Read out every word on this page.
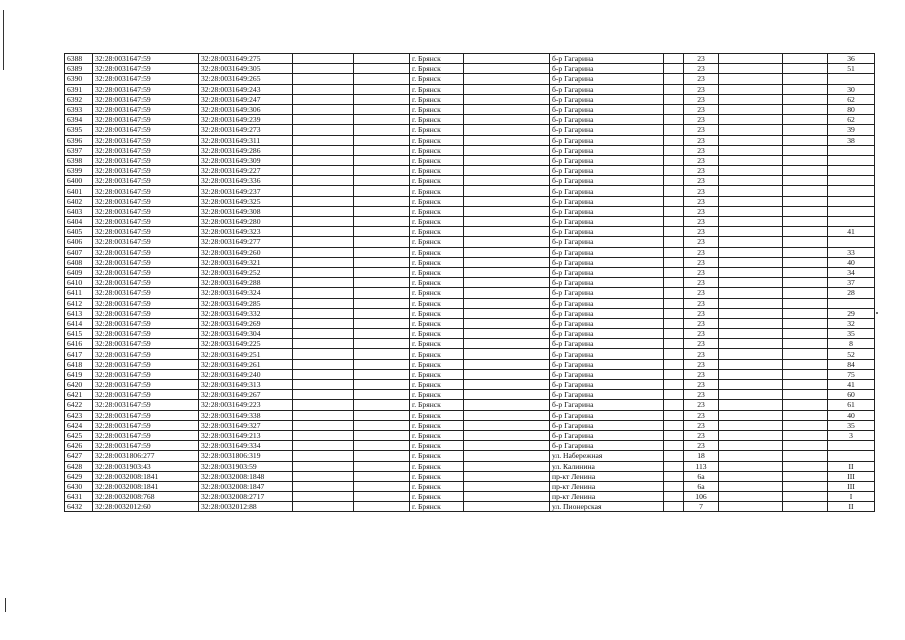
6388	32:28:0031647:59	32:28:0031649:275			г. Брянск		б-р Гагарина		23			36
6389	32:28:0031647:59	32:28:0031649:305			г. Брянск		б-р Гагарина		23			51
6390	32:28:0031647:59	32:28:0031649:265			г. Брянск		б-р Гагарина		23			
6391	32:28:0031647:59	32:28:0031649:243			г. Брянск		б-р Гагарина		23			30
6392	32:28:0031647:59	32:28:0031649:247			г. Брянск		б-р Гагарина		23			62
6393	32:28:0031647:59	32:28:0031649:306			г. Брянск		б-р Гагарина		23			80
6394	32:28:0031647:59	32:28:0031649:239			г. Брянск		б-р Гагарина		23			62
6395	32:28:0031647:59	32:28:0031649:273			г. Брянск		б-р Гагарина		23			39
6396	32:28:0031647:59	32:28:0031649:311			г. Брянск		б-р Гагарина		23			38
6397	32:28:0031647:59	32:28:0031649:286			г. Брянск		б-р Гагарина		23			
6398	32:28:0031647:59	32:28:0031649:309			г. Брянск		б-р Гагарина		23			
6399	32:28:0031647:59	32:28:0031649:227			г. Брянск		б-р Гагарина		23			
6400	32:28:0031647:59	32:28:0031649:336			г. Брянск		б-р Гагарина		23			
6401	32:28:0031647:59	32:28:0031649:237			г. Брянск		б-р Гагарина		23			
6402	32:28:0031647:59	32:28:0031649:325			г. Брянск		б-р Гагарина		23			
6403	32:28:0031647:59	32:28:0031649:308			г. Брянск		б-р Гагарина		23			
6404	32:28:0031647:59	32:28:0031649:280			г. Брянск		б-р Гагарина		23			
6405	32:28:0031647:59	32:28:0031649:323			г. Брянск		б-р Гагарина		23			41
6406	32:28:0031647:59	32:28:0031649:277			г. Брянск		б-р Гагарина		23			
6407	32:28:0031647:59	32:28:0031649:260			г. Брянск		б-р Гагарина		23			33
6408	32:28:0031647:59	32:28:0031649:321			г. Брянск		б-р Гагарина		23			40
6409	32:28:0031647:59	32:28:0031649:252			г. Брянск		б-р Гагарина		23			34
6410	32:28:0031647:59	32:28:0031649:288			г. Брянск		б-р Гагарина		23			37
6411	32:28:0031647:59	32:28:0031649:324			г. Брянск		б-р Гагарина		23			28
6412	32:28:0031647:59	32:28:0031649:285			г. Брянск		б-р Гагарина		23			
6413	32:28:0031647:59	32:28:0031649:332			г. Брянск		б-р Гагарина		23			29
6414	32:28:0031647:59	32:28:0031649:269			г. Брянск		б-р Гагарина		23			32
6415	32:28:0031647:59	32:28:0031649:304			г. Брянск		б-р Гагарина		23			35
6416	32:28:0031647:59	32:28:0031649:225			г. Брянск		б-р Гагарина		23			8
6417	32:28:0031647:59	32:28:0031649:251			г. Брянск		б-р Гагарина		23			52
6418	32:28:0031647:59	32:28:0031649:261			г. Брянск		б-р Гагарина		23			84
6419	32:28:0031647:59	32:28:0031649:240			г. Брянск		б-р Гагарина		23			75
6420	32:28:0031647:59	32:28:0031649:313			г. Брянск		б-р Гагарина		23			41
6421	32:28:0031647:59	32:28:0031649:267			г. Брянск		б-р Гагарина		23			60
6422	32:28:0031647:59	32:28:0031649:223			г. Брянск		б-р Гагарина		23			61
6423	32:28:0031647:59	32:28:0031649:338			г. Брянск		б-р Гагарина		23			40
6424	32:28:0031647:59	32:28:0031649:327			г. Брянск		б-р Гагарина		23			35
6425	32:28:0031647:59	32:28:0031649:213			г. Брянск		б-р Гагарина		23			3
6426	32:28:0031647:59	32:28:0031649:334			г. Брянск		б-р Гагарина		23			
6427	32:28:0031806:277	32:28:0031806:319			г. Брянск		ул. Набережная		18			
6428	32:28:0031903:43	32:28:0031903:59			г. Брянск		ул. Калинина		113			II
6429	32:28:0032008:1841	32:28:0032008:1848			г. Брянск		пр-кт Ленина		6а			III
6430	32:28:0032008:1841	32:28:0032008:1847			г. Брянск		пр-кт Ленина		6а			III
6431	32:28:0032008:768	32:28:0032008:2717			г. Брянск		пр-кт Ленина		106			I
6432	32:28:0032012:60	32:28:0032012:88			г. Брянск		ул. Пионерская		7			II
